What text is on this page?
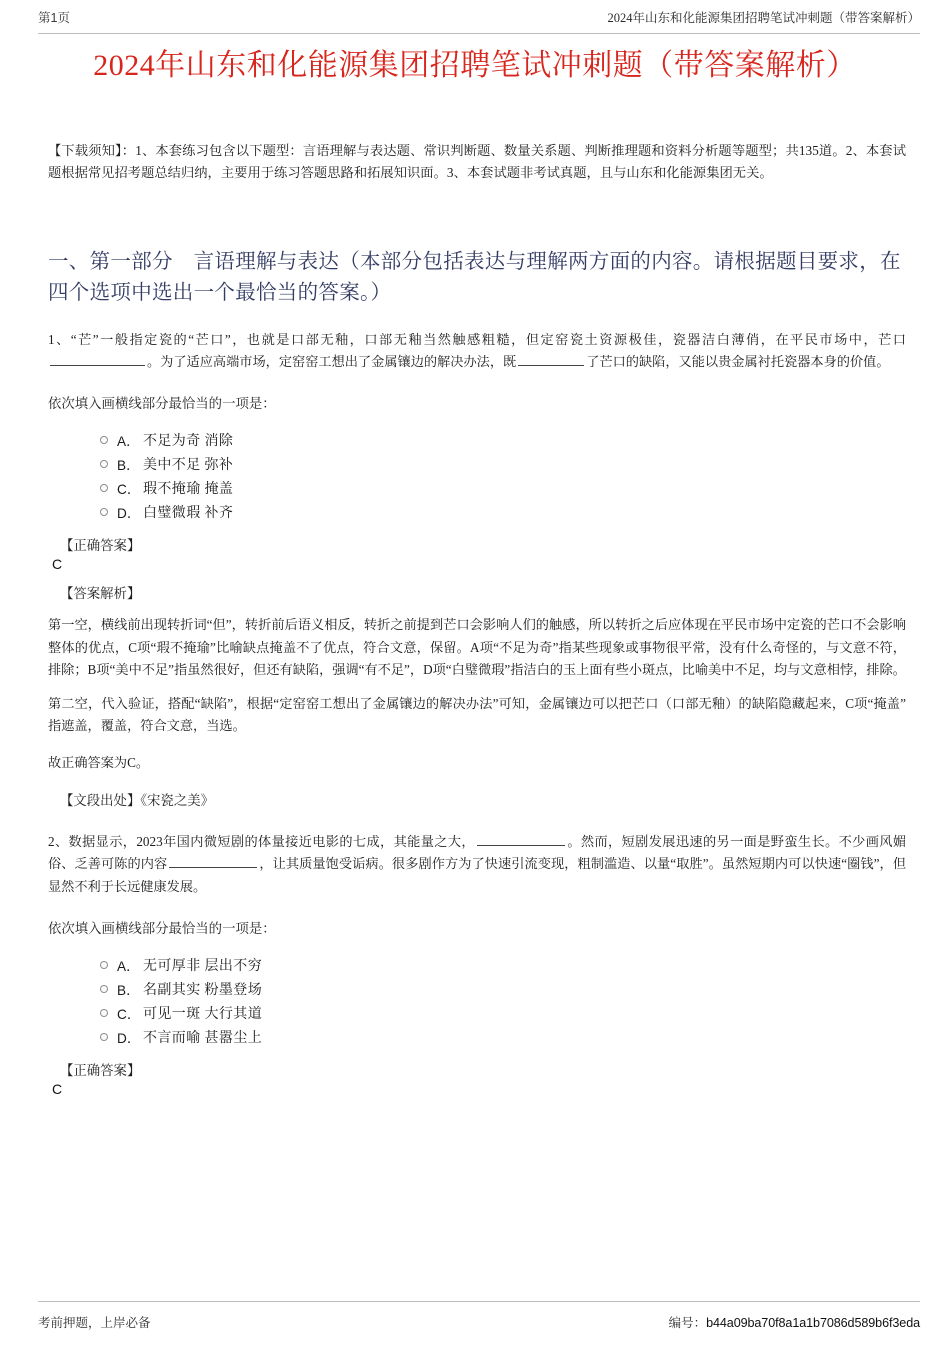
第1页	2024年山东和化能源集团招聘笔试冲刺题（带答案解析）
2024年山东和化能源集团招聘笔试冲刺题（带答案解析）
【下载须知】：1、本套练习包含以下题型：言语理解与表达题、常识判断题、数量关系题、判断推理题和资料分析题等题型；共135道。2、本套试题根据常见招考题总结归纳，主要用于练习答题思路和拓展知识面。3、本套试题非考试真题，且与山东和化能源集团无关。
一、第一部分　言语理解与表达（本部分包括表达与理解两方面的内容。请根据题目要求，在四个选项中选出一个最恰当的答案。）
1、“芒”一般指定瓷的“芒口”，也就是口部无釉，口部无釉当然触感粗糙，但定窑瓷土资源极佳，瓷器洁白薄俏，在平民市场中，芒口。为了适应高端市场，定窑窑工想出了金属镶边的解决办法，既	了芒口的缺陷，又能以贵金属衬托瓷器本身的价值。
依次填入画横线部分最恰当的一项是：
A． 不足为奇 消除
B． 美中不足 弥补
C． 瑕不掩瑜 掩盖
D． 白璧微瑕 补齐
【正确答案】
C
【答案解析】
第一空，横线前出现转折词“但”，转折前后语义相反，转折之前提到芒口会影响人们的触感，所以转折之后应体现在平民市场中定瓷的芒口不会影响整体的优点，C项“瑕不掩瑜”比喻缺点掩盖不了优点，符合文意，保留。A项“不足为奇”指某些现象或事物很平常，没有什么奇怪的，与文意不符，排除；B项“美中不足”指虽然很好，但还有缺陷，强调“有不足”，D项“白璧微瑕”指洁白的玉上面有些小斑点，比喻美中不足，均与文意相悖，排除。
第二空，代入验证，搭配“缺陷”，根据“定窑窑工想出了金属镶边的解决办法”可知，金属镶边可以把芒口（口部无釉）的缺陷隐藏起来，C项“掩盖”指遮盖，覆盖，符合文意，当选。
故正确答案为C。
【文段出处】《宋瓷之美》
2、数据显示，2023年国内微短剧的体量接近电影的七成，其能量之大，	。然而，短剧发展迅速的另一面是野蛮生长。不少画风媚俗、乏善可陈的内容	，让其质量饱受诟病。很多剧作方为了快速引流变现，粗制滥造、以量“取胜”。虽然短期内可以快速“圈钱”，但显然不利于长远健康发展。
依次填入画横线部分最恰当的一项是：
A． 无可厚非 层出不穷
B． 名副其实 粉墨登场
C． 可见一斑 大行其道
D． 不言而喻 甚嚣尘上
【正确答案】
C
考前押题，上岸必备	编号：b44a09ba70f8a1a1b7086d589b6f3eda
